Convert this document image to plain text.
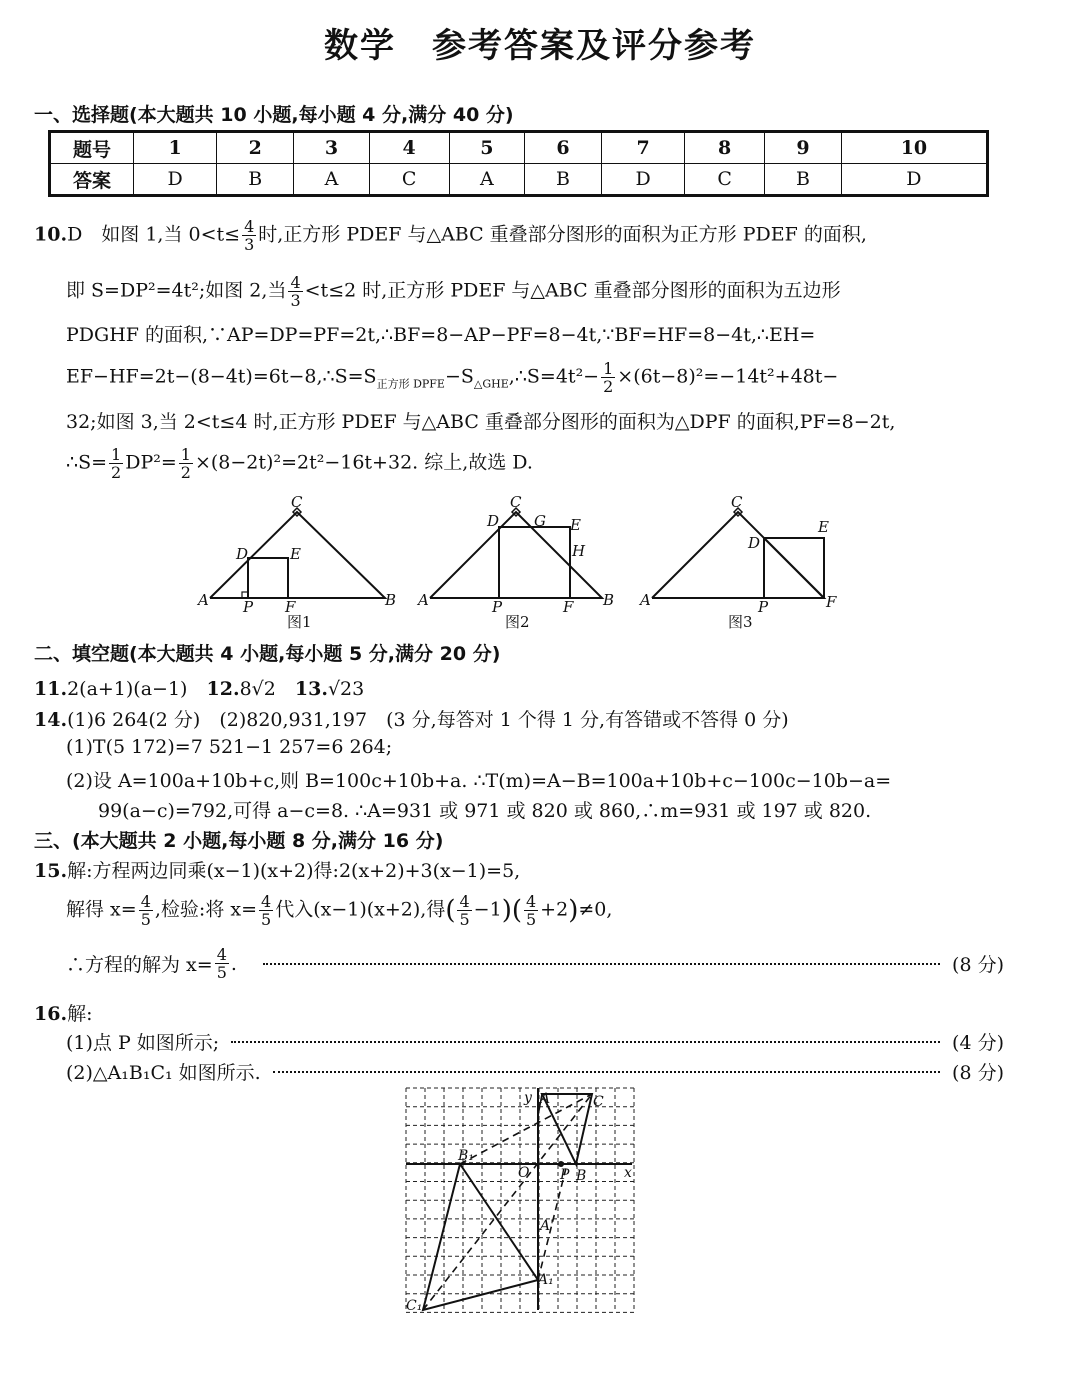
数学　参考答案及评分参考
一、选择题(本大题共 10 小题,每小题 4 分,满分 40 分)
题号	1	2	3	4	5	6	7	8	9	10
答案	D	B	A	C	A	B	D	C	B	D
10.D　如图 1,当 $0<t\le \frac{4}{3}$ 时,正方形 PDEF 与△ABC 重叠部分图形的面积为正方形 PDEF 的面积,
即 S=DP²=4t²;如图 2,当 $\frac{4}{3} <t\le 2$ 时,正方形 PDEF 与△ABC 重叠部分图形的面积为五边形
PDGHF 的面积,∵AP=DP=PF=2t,∴BF=8−AP−PF=8−4t,∵BF=HF=8−4t,∴EH=
$EF-HF=2t-(8-4t)=6t-8,\therefore S=S_{正方形 DPFE}-S_{\triangle GHE},\therefore S=4t^2- \frac{1}{2} \times(6t-8)^2=-14t^2+48t-$
32;如图 3,当 2<t≤4 时,正方形 PDEF 与△ABC 重叠部分图形的面积为△DPF 的面积,PF=8−2t,
∴S= $\frac{1}{2} DP^2= \frac{1}{2} \times(8-2t)^2=2t^2-16t+32$. 综上,故选 D.
C
A	B
D	E
P F
图1
C
A	B
D G E
H
P	F
图2
C
A
D
E
P	F
图3
二、填空题(本大题共 4 小题,每小题 5 分,满分 20 分)
11.2(a+1)(a−1)　 12.8√2　 13.√23
14.(1)6 264(2 分)　(2)820,931,197　(3 分,每答对 1 个得 1 分,有答错或不答得 0 分)
(1)T(5 172)=7 521−1 257=6 264;
(2)设 A=100a+10b+c,则 B=100c+10b+a. ∴T(m)=A−B=100a+10b+c−100c−10b−a=
99(a−c)=792,可得 a−c=8. ∴A=931 或 971 或 820 或 860,∴m=931 或 197 或 820.
三、(本大题共 2 小题,每小题 8 分,满分 16 分)
15.解:方程两边同乘(x−1)(x+2)得:2(x+2)+3(x−1)=5,
解得 $x= \frac{4}{5}$ ,检验:将 $x= \frac{4}{5}$ 代入(x−1)(x+2),得( $\frac{4}{5} -1)( \frac{4}{5} +2)\ne 0$,
∴方程的解为 $x= \frac{4}{5}$ .	(8 分)
16.解:
(1)点 P 如图所示;	(4 分)
(2)△A₁B₁C₁ 如图所示.	(8 分)
y
x
O
A	C
B
P
B₁
A₁
C₁
A'
